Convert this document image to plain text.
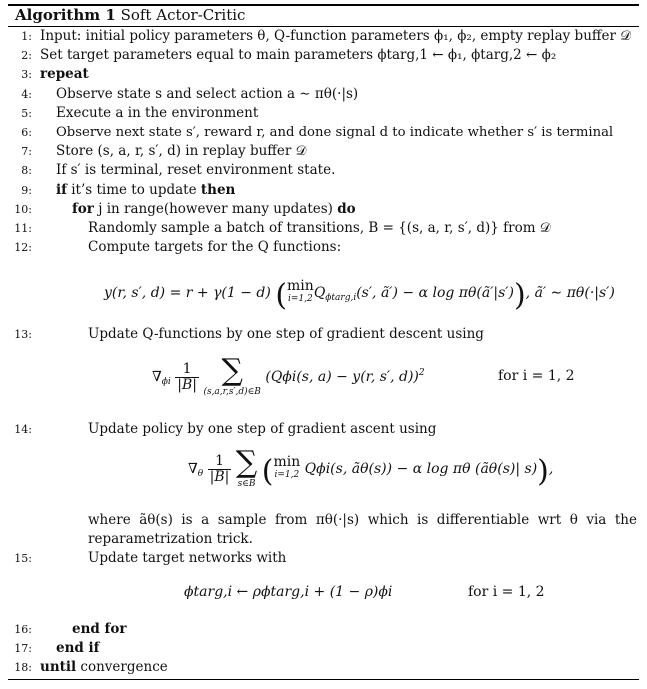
Algorithm 1 Soft Actor-Critic
1: Input: initial policy parameters θ, Q-function parameters ϕ₁, ϕ₂, empty replay buffer 𝒟
2: Set target parameters equal to main parameters ϕtarg,1 ← ϕ₁, ϕtarg,2 ← ϕ₂
3: repeat
4: Observe state s and select action a ∼ πθ(·|s)
5: Execute a in the environment
6: Observe next state s′, reward r, and done signal d to indicate whether s′ is terminal
7: Store (s, a, r, s′, d) in replay buffer 𝒟
8: If s′ is terminal, reset environment state.
9: if it’s time to update then
10:	for j in range(however many updates) do
11:	Randomly sample a batch of transitions, B = {(s, a, r, s′, d)} from 𝒟
12:	Compute targets for the Q functions:
y(r, s′, d) = r + γ(1 − d) ( min
i=1,2 $Q_{\phi targ,i}(s'$, ã′) − α log πθ(ã′|s′)), ã′ ∼ πθ(·|s′)
13:	Update Q-functions by one step of gradient descent using
$\nabla_{\phi i} \frac{1}{|B|}$
∑
(s,a,r,s′,d)∈B
(Qϕi(s, a) − y(r, s′, d))$^2$	for i = 1, 2
14:	Update policy by one step of gradient ascent using
$\nabla_\theta \frac{1}{|B|}$
∑
s∈B ( min
i=1,2 Qϕi(s, ãθ(s)) − α log πθ (ãθ(s)| s)),
where ãθ(s) is a sample from πθ(·|s) which is differentiable wrt θ via the reparametrization trick.
15:	Update target networks with
ϕtarg,i ← ρϕtarg,i + (1 − ρ)ϕi	for i = 1, 2
16:	end for
17: end if
18: until convergence
